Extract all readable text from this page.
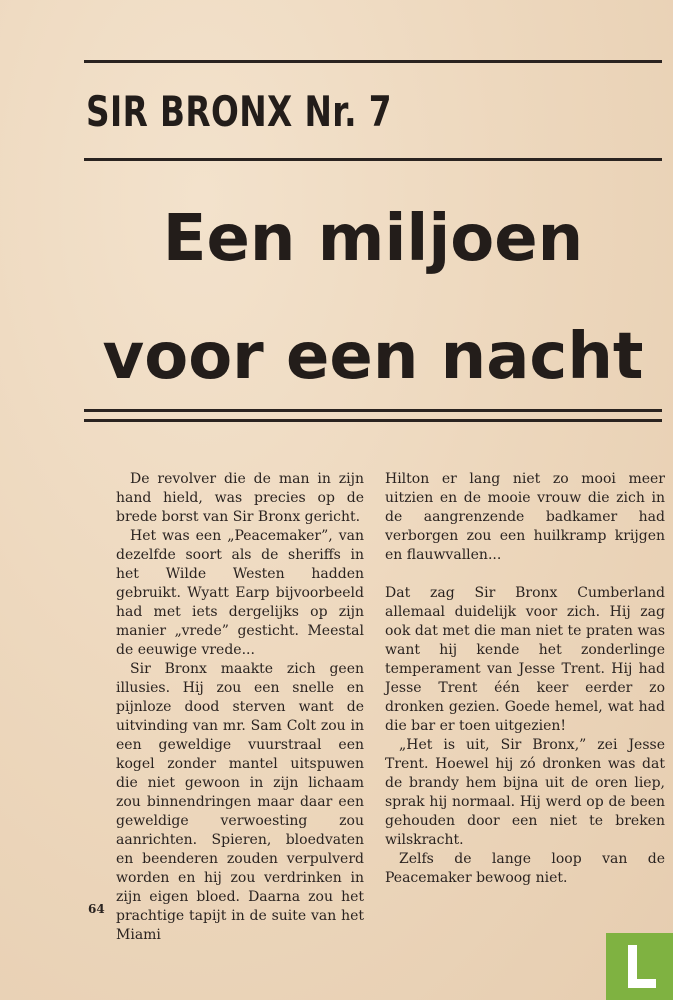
SIR BRONX Nr. 7
Een miljoen
voor een nacht

De revolver die de man in zijn hand hield, was precies op de brede borst van Sir Bronx gericht.

Het was een „Peacemaker”, van dezelfde soort als de sheriffs in het Wilde Westen hadden gebruikt. Wyatt Earp bijvoorbeeld had met iets dergelijks op zijn manier „vrede” gesticht. Meestal de eeuwige vrede...

Sir Bronx maakte zich geen illusies. Hij zou een snelle en pijnloze dood sterven want de uitvinding van mr. Sam Colt zou in een geweldige vuurstraal een kogel zonder mantel uitspuwen die niet gewoon in zijn lichaam zou binnendringen maar daar een geweldige verwoesting zou aanrichten. Spieren, bloedvaten en beenderen zouden verpulverd worden en hij zou verdrinken in zijn eigen bloed. Daarna zou het prachtige tapijt in de suite van het Miami

Hilton er lang niet zo mooi meer uitzien en de mooie vrouw die zich in de aangrenzende badkamer had verborgen zou een huilkramp krijgen en flauwvallen...

Dat zag Sir Bronx Cumberland allemaal duidelijk voor zich. Hij zag ook dat met die man niet te praten was want hij kende het zonderlinge temperament van Jesse Trent. Hij had Jesse Trent één keer eerder zo dronken gezien. Goede hemel, wat had die bar er toen uitgezien!

„Het is uit, Sir Bronx,” zei Jesse Trent. Hoewel hij zó dronken was dat de brandy hem bijna uit de oren liep, sprak hij normaal. Hij werd op de been gehouden door een niet te breken wilskracht.

Zelfs de lange loop van de Peacemaker bewoog niet.

64
